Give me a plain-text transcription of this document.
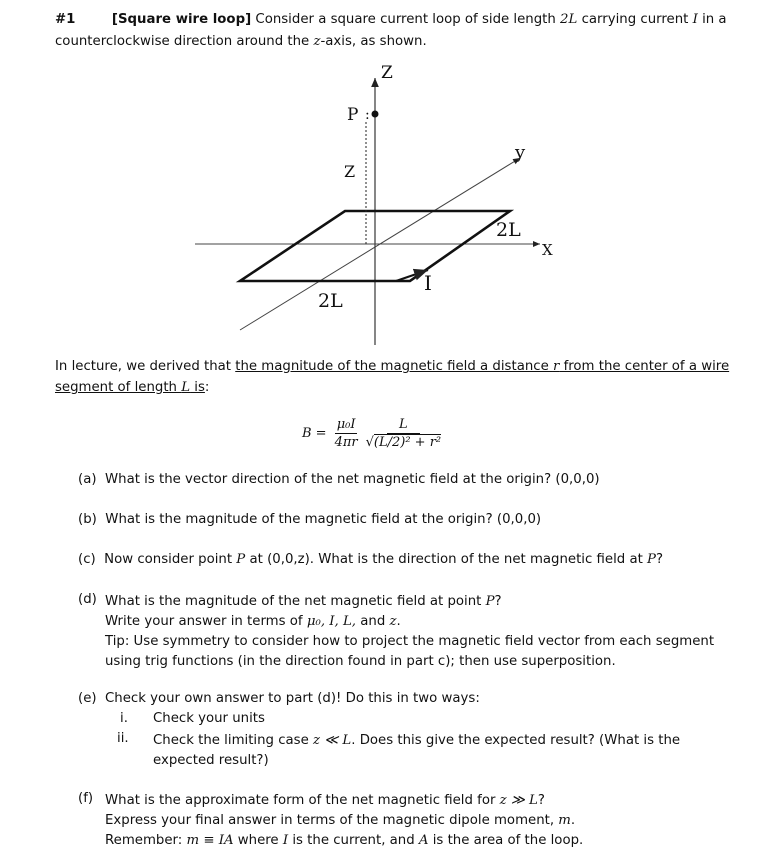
#1	[Square wire loop] Consider a square current loop of side length 2L carrying current I in a
counterclockwise direction around the z-axis, as shown.
Z
P :
Z
y
X
2L
2L
I
In lecture, we derived that the magnitude of the magnetic field a distance r from the center of a wire
segment of length L is:
$B = \frac{\text{μ₀I}}{4\pi r} \frac{L}{\text{√(L/2)² + r²}}$
(a) What is the vector direction of the net magnetic field at the origin? (0,0,0)
(b) What is the magnitude of the magnetic field at the origin? (0,0,0)
(c) Now consider point P at (0,0,z). What is the direction of the net magnetic field at P?
(d) What is the magnitude of the net magnetic field at point P?
Write your answer in terms of μ₀, I, L, and z.
Tip: Use symmetry to consider how to project the magnetic field vector from each segment
using trig functions (in the direction found in part c); then use superposition.
(e) Check your own answer to part (d)! Do this in two ways:
i. Check your units
ii. Check the limiting case z ≪ L. Does this give the expected result? (What is the
expected result?)
(f) What is the approximate form of the net magnetic field for z ≫ L?
Express your final answer in terms of the magnetic dipole moment, m.
Remember: m ≡ IA where I is the current, and A is the area of the loop.
